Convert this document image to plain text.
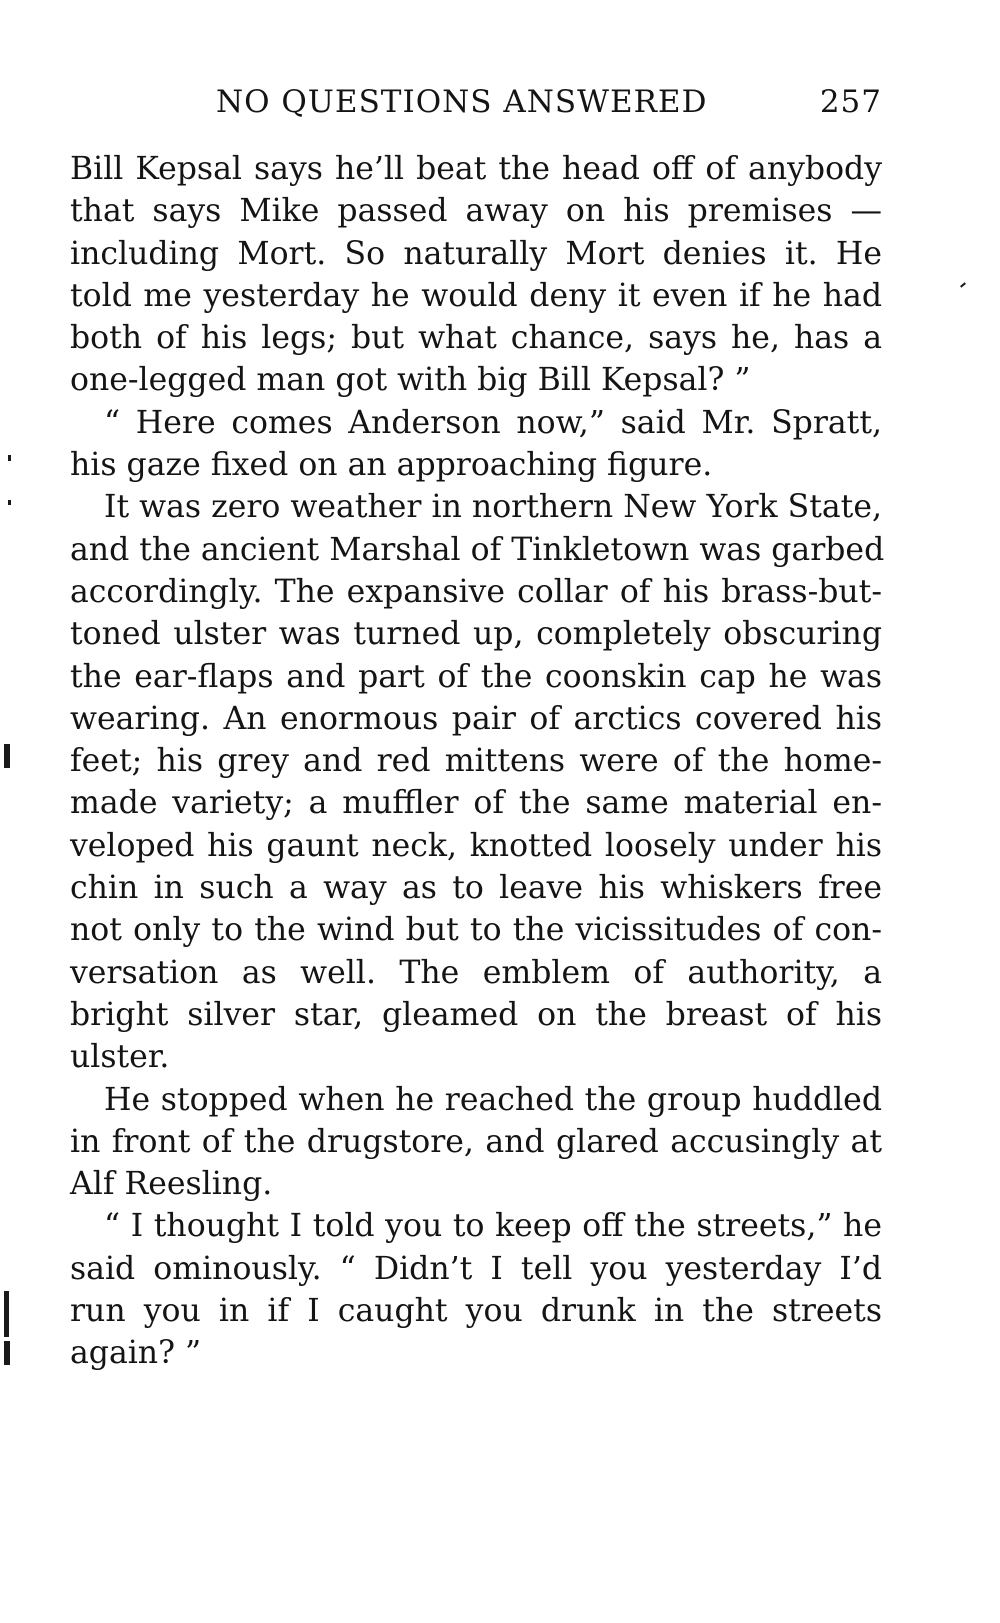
NO QUESTIONS ANSWERED	257
Bill Kepsal says he’ll beat the head off of anybody
that says Mike passed away on his premises —
including Mort. So naturally Mort denies it. He
told me yesterday he would deny it even if he had
both of his legs; but what chance, says he, has a
one-legged man got with big Bill Kepsal? ”
“ Here comes Anderson now,” said Mr. Spratt,
his gaze fixed on an approaching figure.
It was zero weather in northern New York State,
and the ancient Marshal of Tinkletown was garbed
accordingly. The expansive collar of his brass-but-
toned ulster was turned up, completely obscuring
the ear-flaps and part of the coonskin cap he was
wearing. An enormous pair of arctics covered his
feet; his grey and red mittens were of the home-
made variety; a muffler of the same material en-
veloped his gaunt neck, knotted loosely under his
chin in such a way as to leave his whiskers free
not only to the wind but to the vicissitudes of con-
versation as well. The emblem of authority, a
bright silver star, gleamed on the breast of his
ulster.
He stopped when he reached the group huddled
in front of the drugstore, and glared accusingly at
Alf Reesling.
“ I thought I told you to keep off the streets,” he
said ominously. “ Didn’t I tell you yesterday I’d
run you in if I caught you drunk in the streets
again? ”
